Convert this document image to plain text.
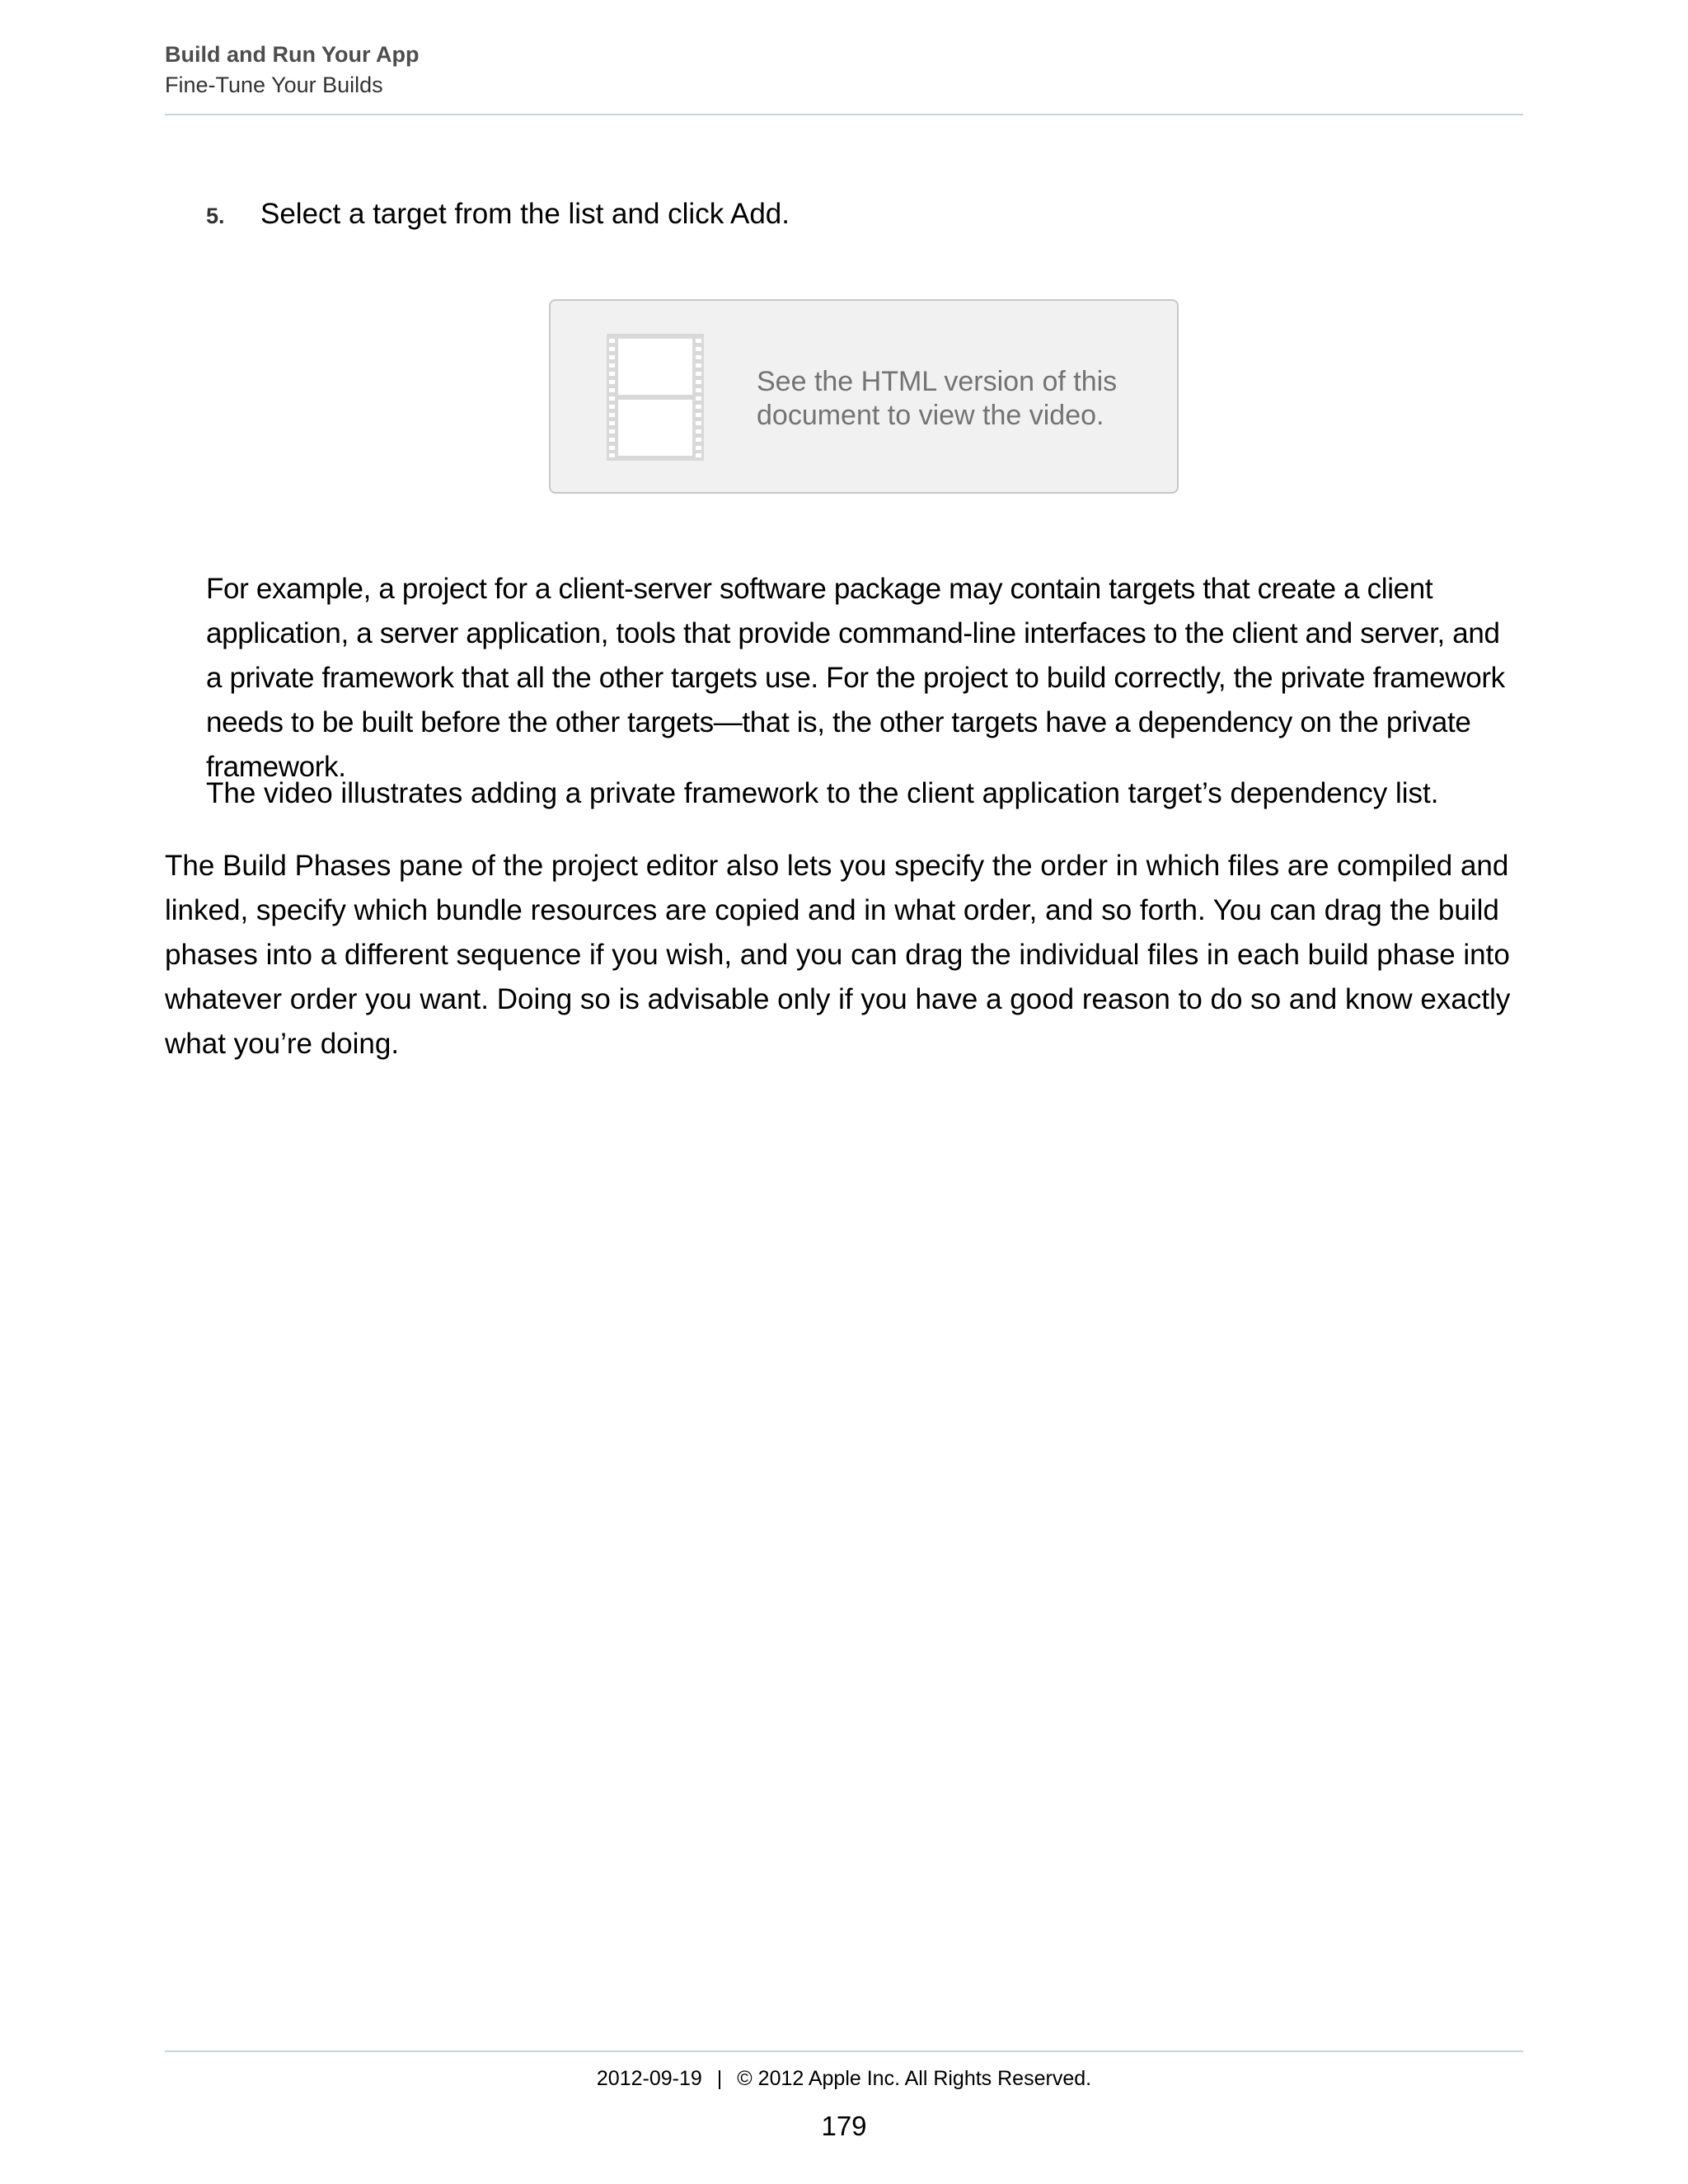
Build and Run Your App
Fine-Tune Your Builds
5.	Select a target from the list and click Add.
See the HTML version of this document to view the video.

For example, a project for a client-server software package may contain targets that create a client application, a server application, tools that provide command-line interfaces to the client and server, and a private framework that all the other targets use. For the project to build correctly, the private framework needs to be built before the other targets—that is, the other targets have a dependency on the private framework.

The video illustrates adding a private framework to the client application target’s dependency list.

The Build Phases pane of the project editor also lets you specify the order in which files are compiled and linked, specify which bundle resources are copied and in what order, and so forth. You can drag the build phases into a different sequence if you wish, and you can drag the individual files in each build phase into whatever order you want. Doing so is advisable only if you have a good reason to do so and know exactly what you’re doing.

2012-09-19 | © 2012 Apple Inc. All Rights Reserved.
179
